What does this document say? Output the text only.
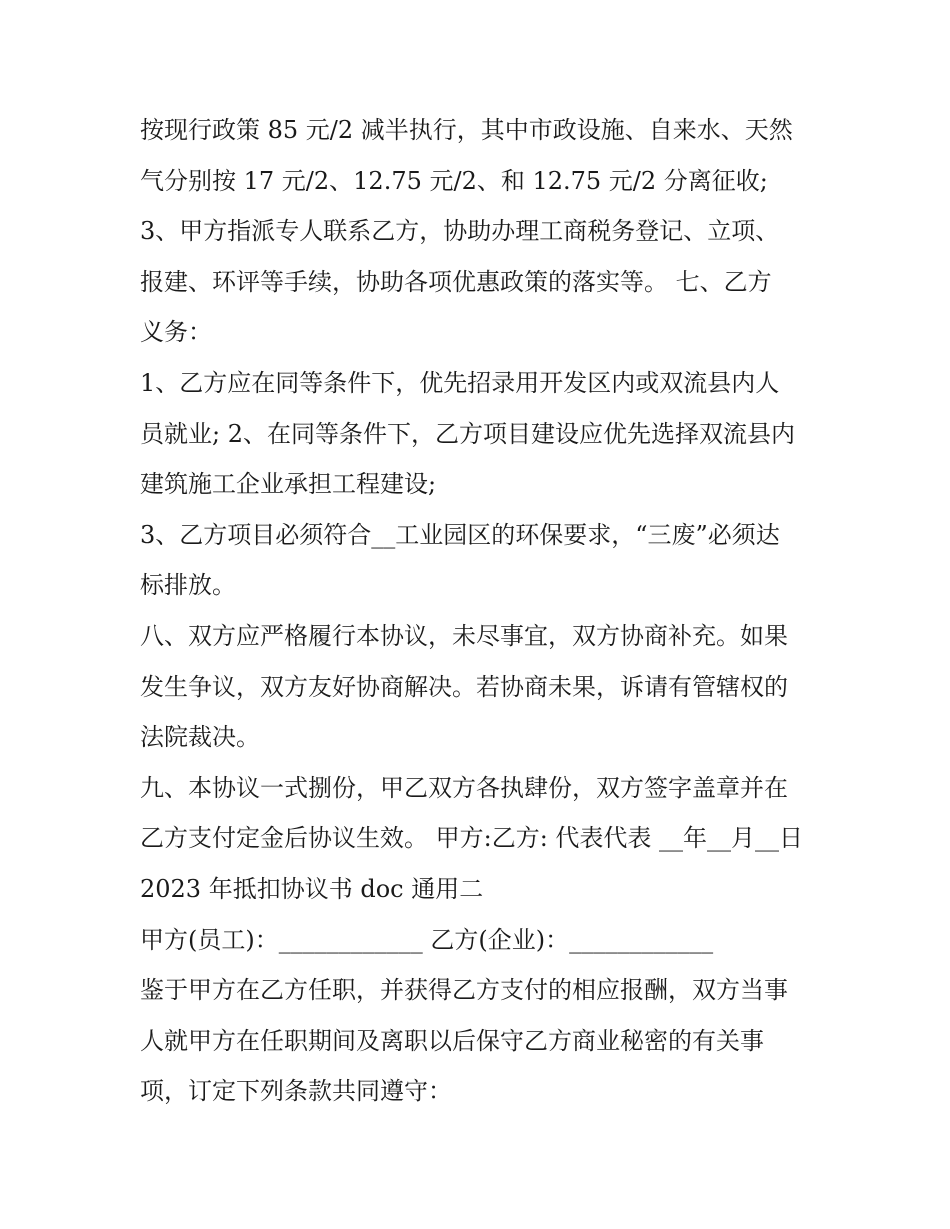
按现行政策 85 元/2 减半执行，其中市政设施、自来水、天然
气分别按 17 元/2、12.75 元/2、和 12.75 元/2 分离征收;
3、甲方指派专人联系乙方，协助办理工商税务登记、立项、
报建、环评等手续，协助各项优惠政策的落实等。 七、乙方
义务：
1、乙方应在同等条件下，优先招录用开发区内或双流县内人
员就业; 2、在同等条件下，乙方项目建设应优先选择双流县内
建筑施工企业承担工程建设;
3、乙方项目必须符合__工业园区的环保要求，“三废”必须达
标排放。
八、双方应严格履行本协议，未尽事宜，双方协商补充。如果
发生争议，双方友好协商解决。若协商未果，诉请有管辖权的
法院裁决。
九、本协议一式捌份，甲乙双方各执肆份，双方签字盖章并在
乙方支付定金后协议生效。 甲方:乙方: 代表代表 __年__月__日
2023 年抵扣协议书 doc 通用二
甲方(员工)：____________ 乙方(企业)：____________
鉴于甲方在乙方任职，并获得乙方支付的相应报酬，双方当事
人就甲方在任职期间及离职以后保守乙方商业秘密的有关事
项，订定下列条款共同遵守：
